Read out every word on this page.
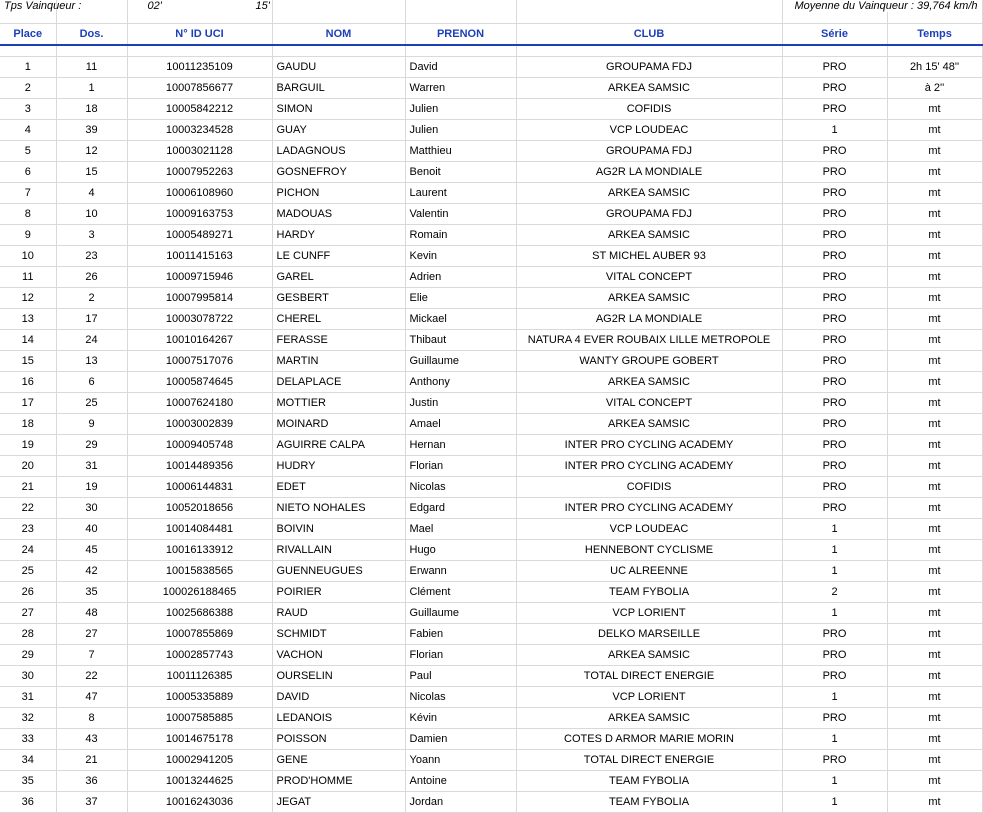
Tps Vainqueur :		02'	15'			Moyenne du Vainqueur : 39,764 km/h	

Place	Dos.	N° ID UCI	NOM	PRENON	CLUB	Série	Temps

1	11	10011235109	GAUDU	David	GROUPAMA FDJ	PRO	2h 15' 48''
2	1	10007856677	BARGUIL	Warren	ARKEA SAMSIC	PRO	à 2''
3	18	10005842212	SIMON	Julien	COFIDIS	PRO	mt
4	39	10003234528	GUAY	Julien	VCP LOUDEAC	1	mt
5	12	10003021128	LADAGNOUS	Matthieu	GROUPAMA FDJ	PRO	mt
6	15	10007952263	GOSNEFROY	Benoit	AG2R LA MONDIALE	PRO	mt
7	4	10006108960	PICHON	Laurent	ARKEA SAMSIC	PRO	mt
8	10	10009163753	MADOUAS	Valentin	GROUPAMA FDJ	PRO	mt
9	3	10005489271	HARDY	Romain	ARKEA SAMSIC	PRO	mt
10	23	10011415163	LE CUNFF	Kevin	ST MICHEL AUBER 93	PRO	mt
11	26	10009715946	GAREL	Adrien	VITAL CONCEPT	PRO	mt
12	2	10007995814	GESBERT	Elie	ARKEA SAMSIC	PRO	mt
13	17	10003078722	CHEREL	Mickael	AG2R LA MONDIALE	PRO	mt
14	24	10010164267	FERASSE	Thibaut	NATURA 4 EVER ROUBAIX LILLE METROPOLE	PRO	mt
15	13	10007517076	MARTIN	Guillaume	WANTY GROUPE GOBERT	PRO	mt
16	6	10005874645	DELAPLACE	Anthony	ARKEA SAMSIC	PRO	mt
17	25	10007624180	MOTTIER	Justin	VITAL CONCEPT	PRO	mt
18	9	10003002839	MOINARD	Amael	ARKEA SAMSIC	PRO	mt
19	29	10009405748	AGUIRRE CALPA	Hernan	INTER PRO CYCLING ACADEMY	PRO	mt
20	31	10014489356	HUDRY	Florian	INTER PRO CYCLING ACADEMY	PRO	mt
21	19	10006144831	EDET	Nicolas	COFIDIS	PRO	mt
22	30	10052018656	NIETO NOHALES	Edgard	INTER PRO CYCLING ACADEMY	PRO	mt
23	40	10014084481	BOIVIN	Mael	VCP LOUDEAC	1	mt
24	45	10016133912	RIVALLAIN	Hugo	HENNEBONT CYCLISME	1	mt
25	42	10015838565	GUENNEUGUES	Erwann	UC ALREENNE	1	mt
26	35	100026188465	POIRIER	Clément	TEAM FYBOLIA	2	mt
27	48	10025686388	RAUD	Guillaume	VCP LORIENT	1	mt
28	27	10007855869	SCHMIDT	Fabien	DELKO MARSEILLE	PRO	mt
29	7	10002857743	VACHON	Florian	ARKEA SAMSIC	PRO	mt
30	22	10011126385	OURSELIN	Paul	TOTAL DIRECT ENERGIE	PRO	mt
31	47	10005335889	DAVID	Nicolas	VCP LORIENT	1	mt
32	8	10007585885	LEDANOIS	Kévin	ARKEA SAMSIC	PRO	mt
33	43	10014675178	POISSON	Damien	COTES D ARMOR MARIE MORIN	1	mt
34	21	10002941205	GENE	Yoann	TOTAL DIRECT ENERGIE	PRO	mt
35	36	10013244625	PROD'HOMME	Antoine	TEAM FYBOLIA	1	mt
36	37	10016243036	JEGAT	Jordan	TEAM FYBOLIA	1	mt
